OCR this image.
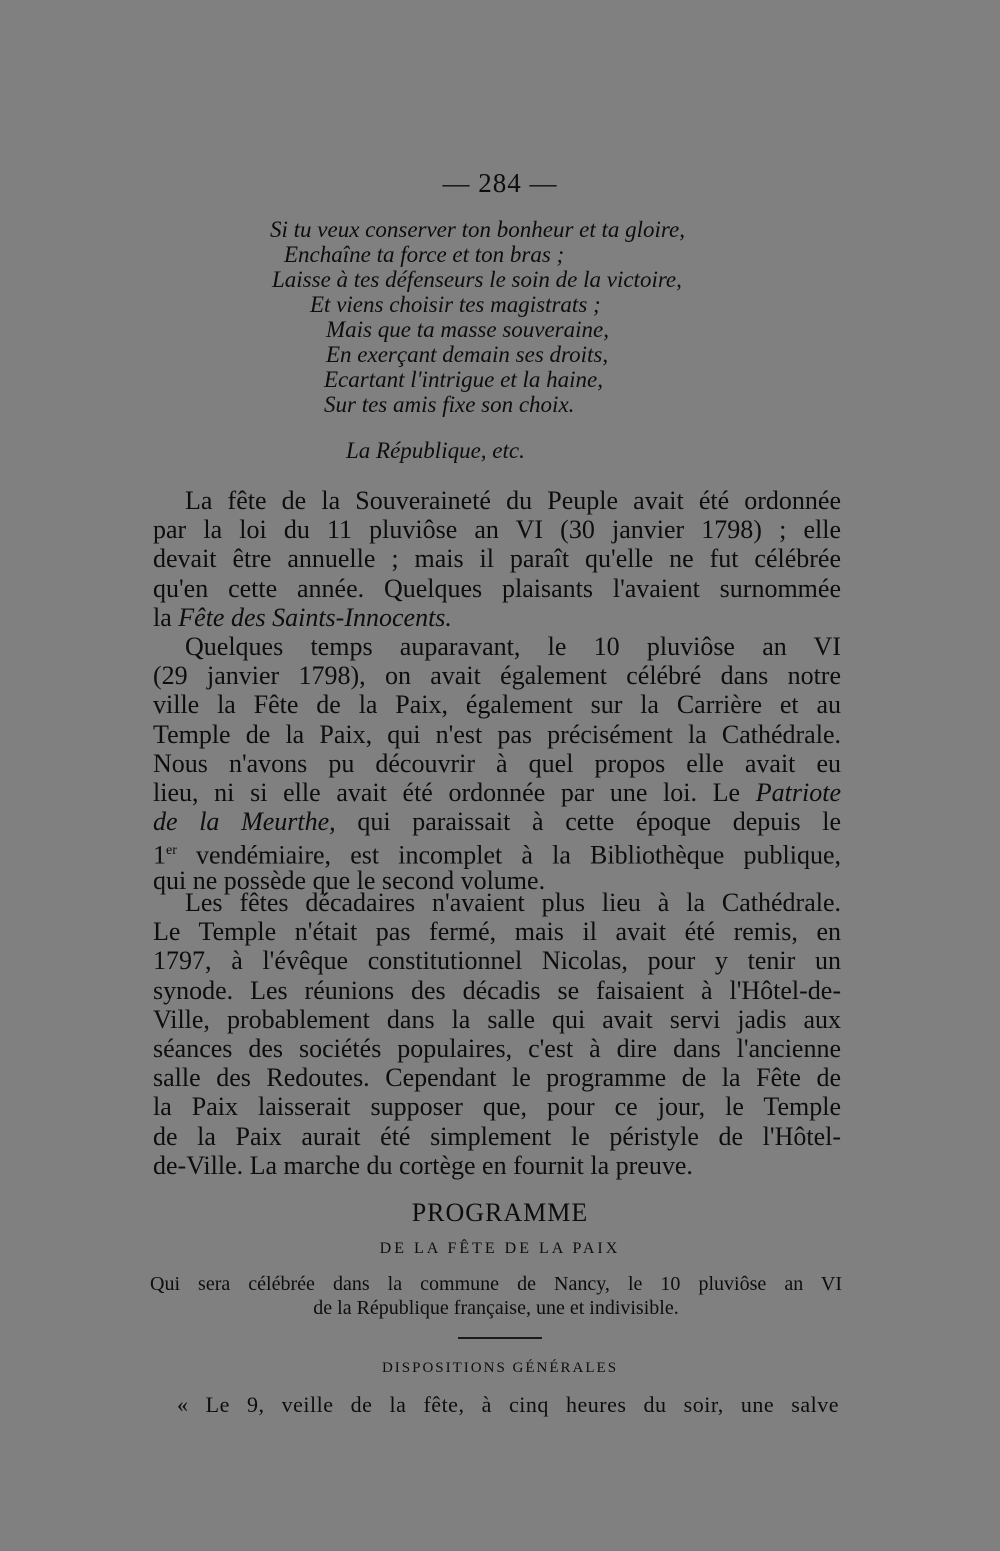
— 284 —
Si tu veux conserver ton bonheur et ta gloire,
Enchaîne ta force et ton bras ;
Laisse à tes défenseurs le soin de la victoire,
Et viens choisir tes magistrats ;
Mais que ta masse souveraine,
En exerçant demain ses droits,
Ecartant l'intrigue et la haine,
Sur tes amis fixe son choix.
La République, etc.
La fête de la Souveraineté du Peuple avait été ordonnée
par la loi du 11 pluviôse an VI (30 janvier 1798) ; elle
devait être annuelle ; mais il paraît qu'elle ne fut célébrée
qu'en cette année. Quelques plaisants l'avaient surnommée
la Fête des Saints-Innocents.
Quelques temps auparavant, le 10 pluviôse an VI
(29 janvier 1798), on avait également célébré dans notre
ville la Fête de la Paix, également sur la Carrière et au
Temple de la Paix, qui n'est pas précisément la Cathédrale.
Nous n'avons pu découvrir à quel propos elle avait eu
lieu, ni si elle avait été ordonnée par une loi. Le Patriote
de la Meurthe, qui paraissait à cette époque depuis le
1er vendémiaire, est incomplet à la Bibliothèque publique,
qui ne possède que le second volume.
Les fêtes décadaires n'avaient plus lieu à la Cathédrale.
Le Temple n'était pas fermé, mais il avait été remis, en
1797, à l'évêque constitutionnel Nicolas, pour y tenir un
synode. Les réunions des décadis se faisaient à l'Hôtel-de-
Ville, probablement dans la salle qui avait servi jadis aux
séances des sociétés populaires, c'est à dire dans l'ancienne
salle des Redoutes. Cependant le programme de la Fête de
la Paix laisserait supposer que, pour ce jour, le Temple
de la Paix aurait été simplement le péristyle de l'Hôtel-
de-Ville. La marche du cortège en fournit la preuve.
PROGRAMME
DE LA FÊTE DE LA PAIX
Qui sera célébrée dans la commune de Nancy, le 10 pluviôse an VI
de la République française, une et indivisible.
DISPOSITIONS GÉNÉRALES
« Le 9, veille de la fête, à cinq heures du soir, une salve
